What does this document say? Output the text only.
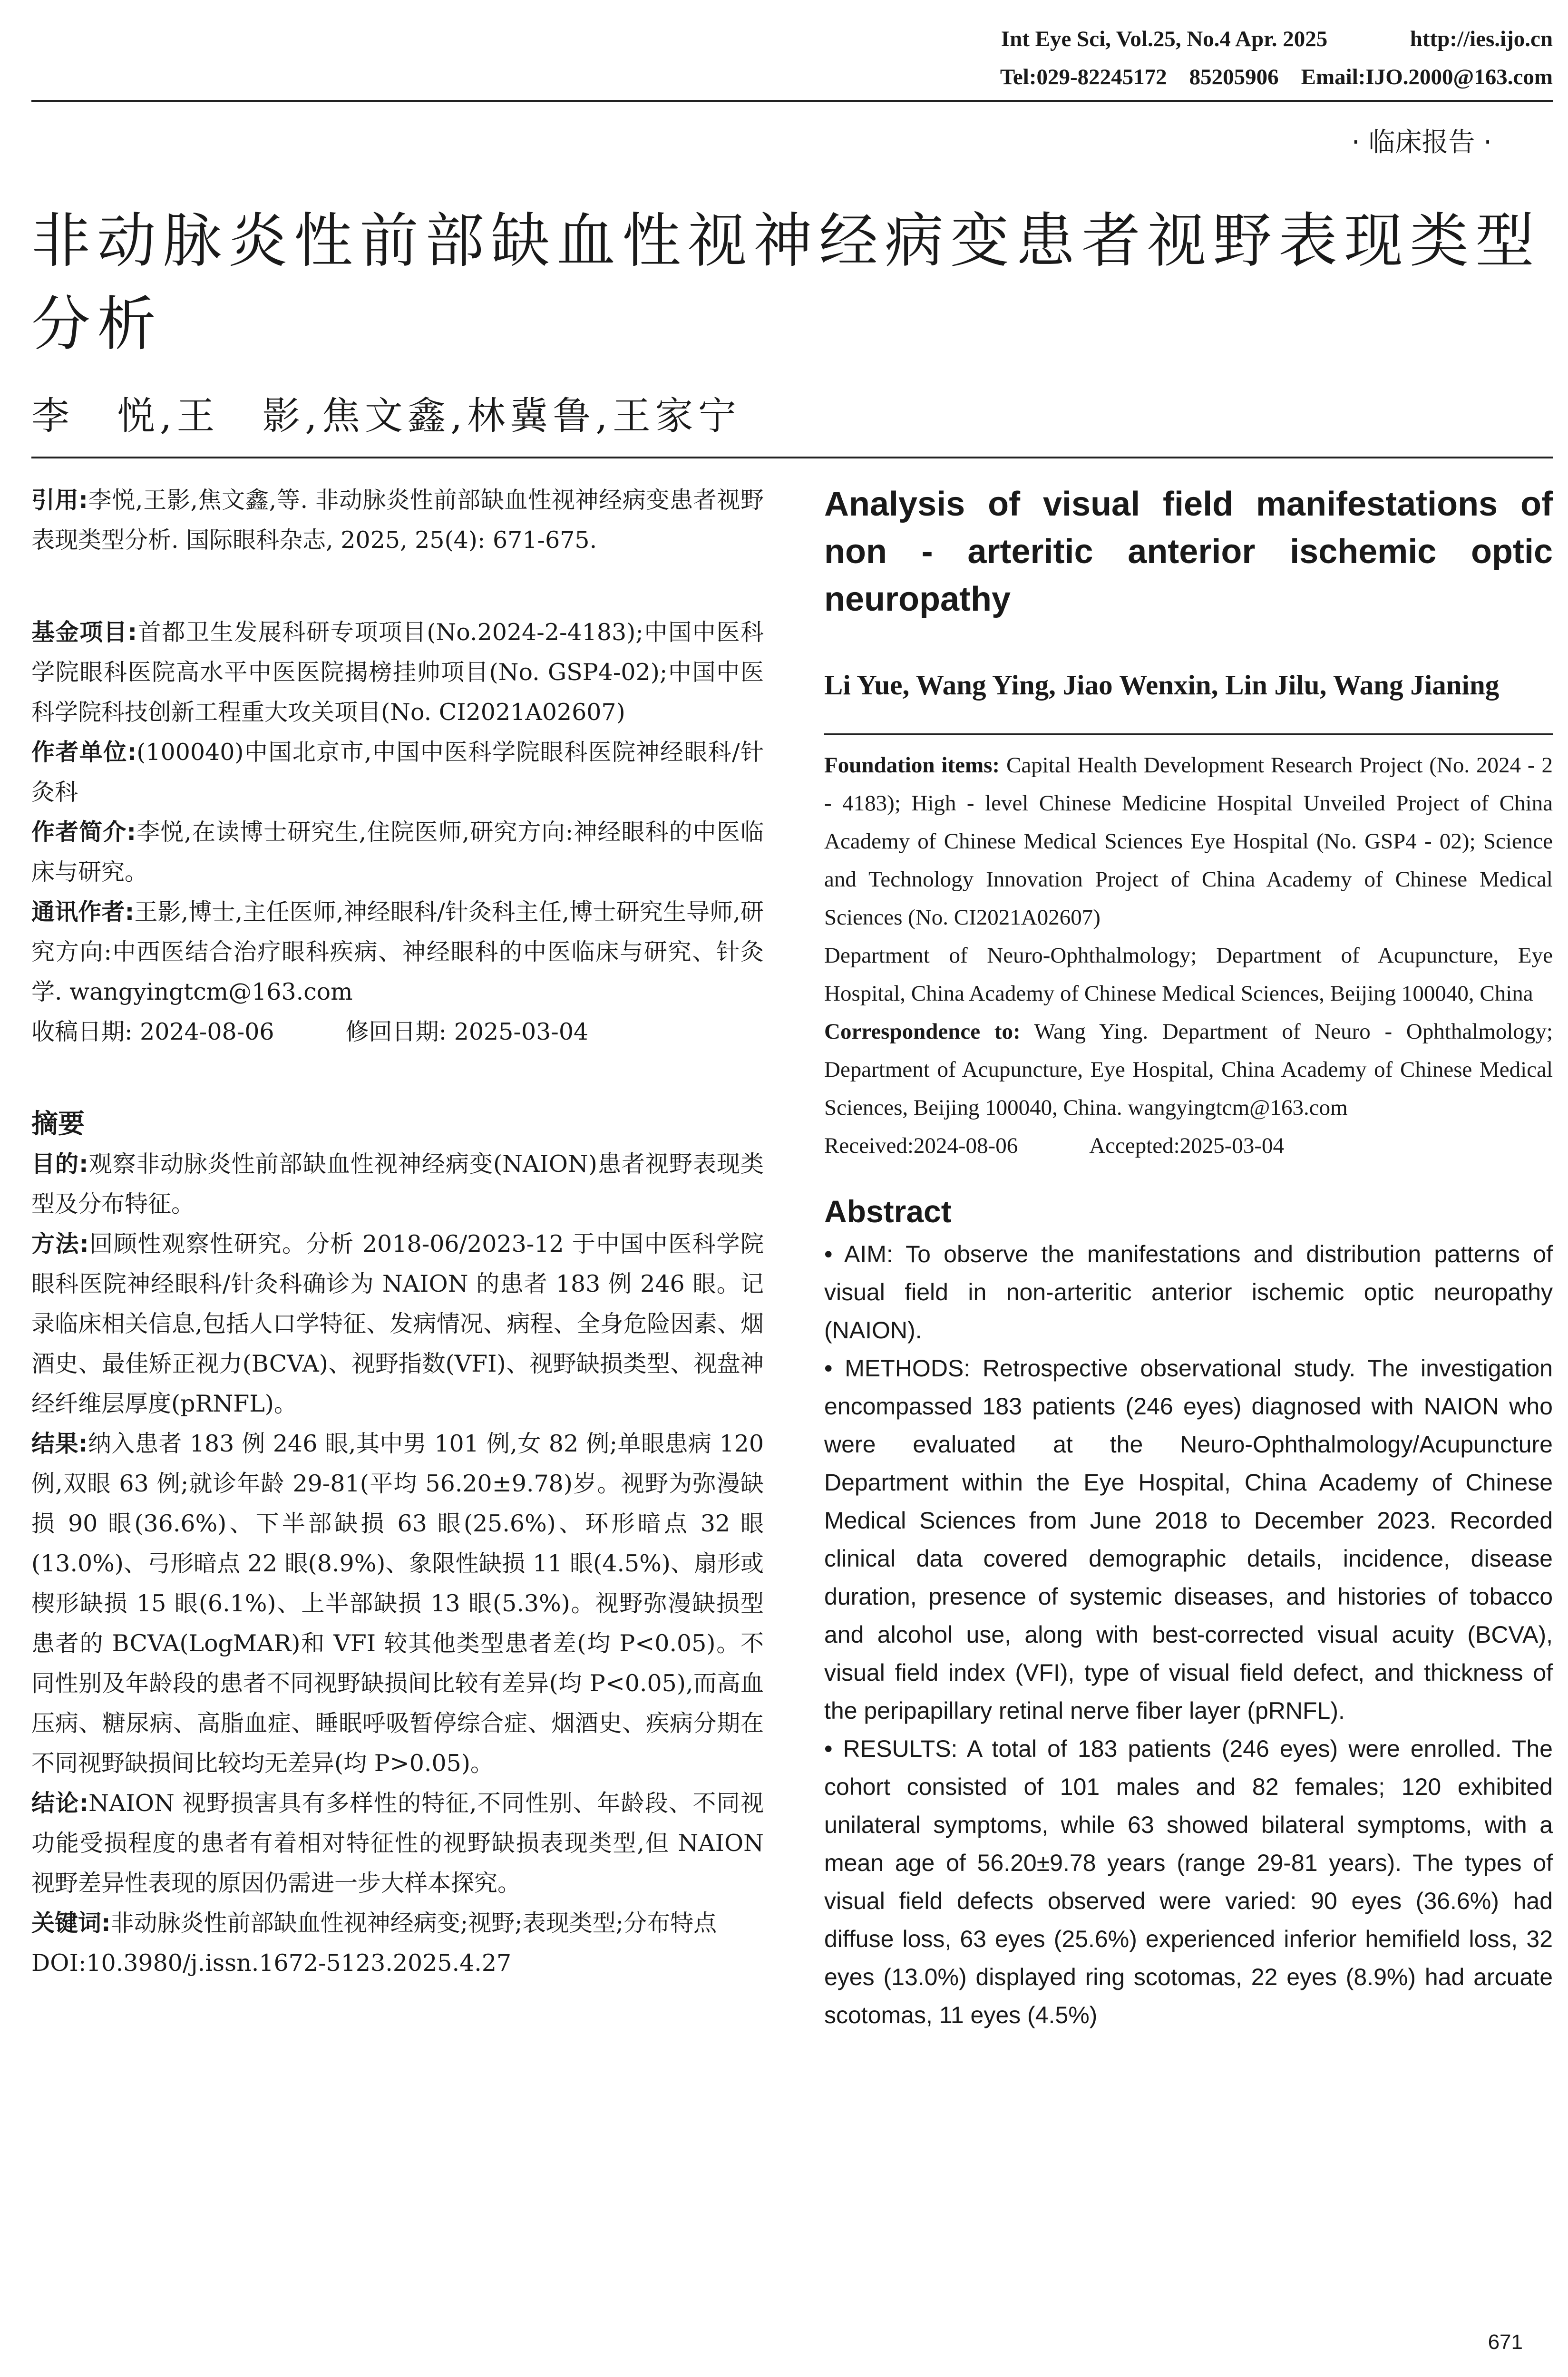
Int Eye Sci, Vol.25, No.4 Apr. 2025	http://ies.ijo.cn
Tel:029-82245172    85205906    Email:IJO.2000@163.com
· 临床报告 ·
非动脉炎性前部缺血性视神经病变患者视野表现类型分析
李　悦,王　影,焦文鑫,林冀鲁,王家宁

引用:李悦,王影,焦文鑫,等. 非动脉炎性前部缺血性视神经病变患者视野表现类型分析. 国际眼科杂志, 2025, 25(4): 671-675.

基金项目:首都卫生发展科研专项项目(No.2024-2-4183);中国中医科学院眼科医院高水平中医医院揭榜挂帅项目(No. GSP4-02);中国中医科学院科技创新工程重大攻关项目(No. CI2021A02607)

作者单位:(100040)中国北京市,中国中医科学院眼科医院神经眼科/针灸科

作者简介:李悦,在读博士研究生,住院医师,研究方向:神经眼科的中医临床与研究。

通讯作者:王影,博士,主任医师,神经眼科/针灸科主任,博士研究生导师,研究方向:中西医结合治疗眼科疾病、神经眼科的中医临床与研究、针灸学. wangyingtcm@163.com

收稿日期: 2024-08-06	修回日期: 2025-03-04

摘要

目的:观察非动脉炎性前部缺血性视神经病变(NAION)患者视野表现类型及分布特征。

方法:回顾性观察性研究。分析 2018-06/2023-12 于中国中医科学院眼科医院神经眼科/针灸科确诊为 NAION 的患者 183 例 246 眼。记录临床相关信息,包括人口学特征、发病情况、病程、全身危险因素、烟酒史、最佳矫正视力(BCVA)、视野指数(VFI)、视野缺损类型、视盘神经纤维层厚度(pRNFL)。

结果:纳入患者 183 例 246 眼,其中男 101 例,女 82 例;单眼患病 120 例,双眼 63 例;就诊年龄 29-81(平均 56.20±9.78)岁。视野为弥漫缺损 90 眼(36.6%)、下半部缺损 63 眼(25.6%)、环形暗点 32 眼(13.0%)、弓形暗点 22 眼(8.9%)、象限性缺损 11 眼(4.5%)、扇形或楔形缺损 15 眼(6.1%)、上半部缺损 13 眼(5.3%)。视野弥漫缺损型患者的 BCVA(LogMAR)和 VFI 较其他类型患者差(均 P<0.05)。不同性别及年龄段的患者不同视野缺损间比较有差异(均 P<0.05),而高血压病、糖尿病、高脂血症、睡眠呼吸暂停综合症、烟酒史、疾病分期在不同视野缺损间比较均无差异(均 P>0.05)。

结论:NAION 视野损害具有多样性的特征,不同性别、年龄段、不同视功能受损程度的患者有着相对特征性的视野缺损表现类型,但 NAION 视野差异性表现的原因仍需进一步大样本探究。

关键词:非动脉炎性前部缺血性视神经病变;视野;表现类型;分布特点

DOI:10.3980/j.issn.1672-5123.2025.4.27

Analysis of visual field manifestations of non - arteritic anterior ischemic optic neuropathy
Li Yue, Wang Ying, Jiao Wenxin, Lin Jilu, Wang Jianing

Foundation items: Capital Health Development Research Project (No. 2024 - 2 - 4183); High - level Chinese Medicine Hospital Unveiled Project of China Academy of Chinese Medical Sciences Eye Hospital (No. GSP4 - 02); Science and Technology Innovation Project of China Academy of Chinese Medical Sciences (No. CI2021A02607)

Department of Neuro-Ophthalmology; Department of Acupuncture, Eye Hospital, China Academy of Chinese Medical Sciences, Beijing 100040, China

Correspondence to: Wang Ying. Department of Neuro - Ophthalmology; Department of Acupuncture, Eye Hospital, China Academy of Chinese Medical Sciences, Beijing 100040, China. wangyingtcm@163.com

Received:2024-08-06	Accepted:2025-03-04

Abstract

• AIM: To observe the manifestations and distribution patterns of visual field in non-arteritic anterior ischemic optic neuropathy (NAION).

• METHODS: Retrospective observational study. The investigation encompassed 183 patients (246 eyes) diagnosed with NAION who were evaluated at the Neuro-Ophthalmology/Acupuncture Department within the Eye Hospital, China Academy of Chinese Medical Sciences from June 2018 to December 2023. Recorded clinical data covered demographic details, incidence, disease duration, presence of systemic diseases, and histories of tobacco and alcohol use, along with best-corrected visual acuity (BCVA), visual field index (VFI), type of visual field defect, and thickness of the peripapillary retinal nerve fiber layer (pRNFL).

• RESULTS: A total of 183 patients (246 eyes) were enrolled. The cohort consisted of 101 males and 82 females; 120 exhibited unilateral symptoms, while 63 showed bilateral symptoms, with a mean age of 56.20±9.78 years (range 29-81 years). The types of visual field defects observed were varied: 90 eyes (36.6%) had diffuse loss, 63 eyes (25.6%) experienced inferior hemifield loss, 32 eyes (13.0%) displayed ring scotomas, 22 eyes (8.9%) had arcuate scotomas, 11 eyes (4.5%)

671
